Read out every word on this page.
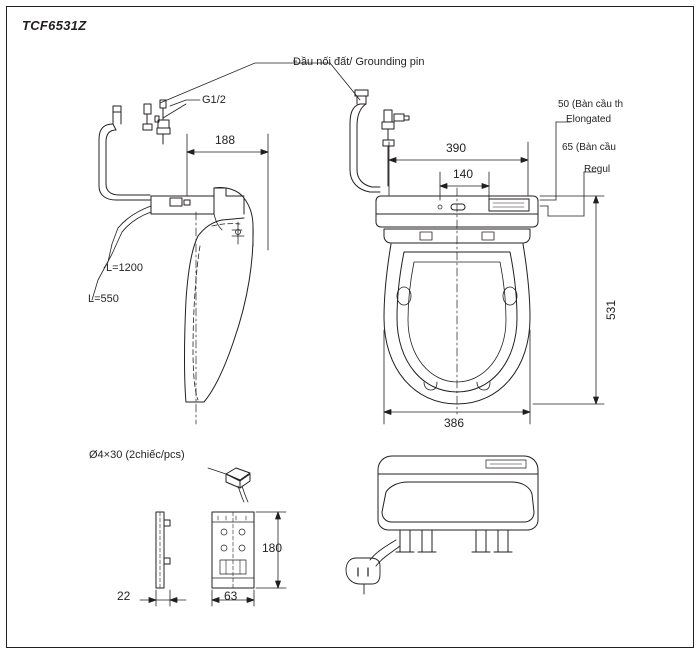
TCF6531Z
Đầu nối đất/ Grounding pin
G1/2
L=1200
L=550
Ø4×30 (2chiếc/pcs)
50 (Bàn cầu th
Elongated
65 (Bàn cầu
Regul
188
390
140
531
386
180
22	63
